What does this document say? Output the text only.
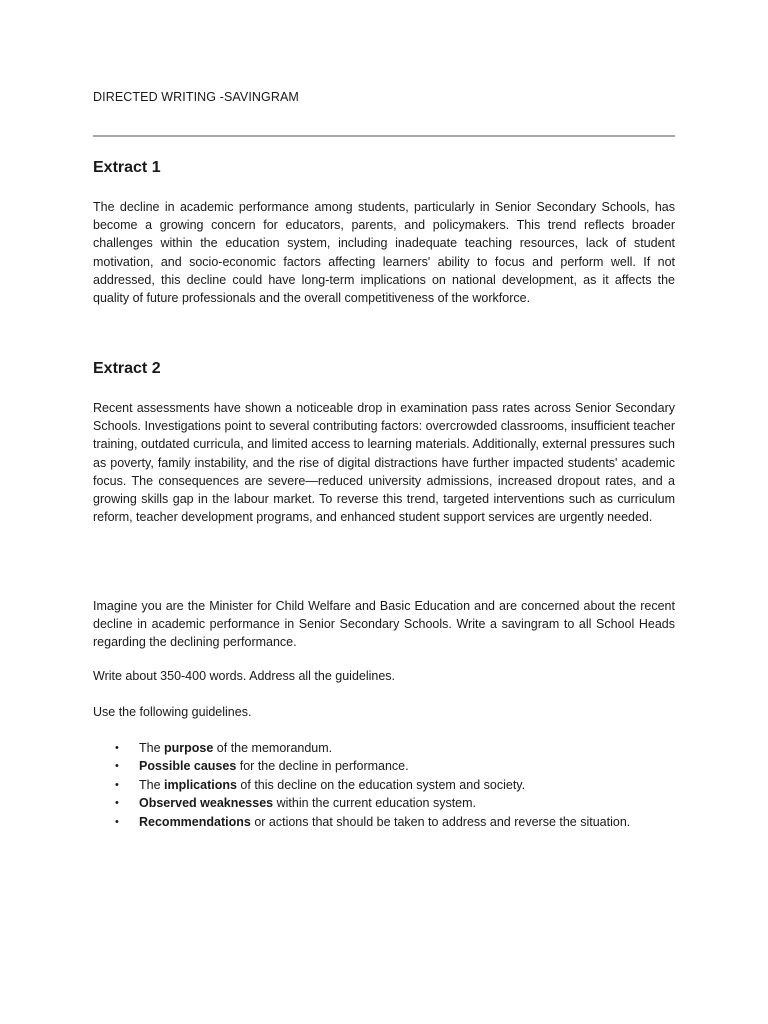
DIRECTED WRITING -SAVINGRAM
Extract 1

The decline in academic performance among students, particularly in Senior Secondary Schools, has become a growing concern for educators, parents, and policymakers. This trend reflects broader challenges within the education system, including inadequate teaching resources, lack of student motivation, and socio-economic factors affecting learners' ability to focus and perform well. If not addressed, this decline could have long-term implications on national development, as it affects the quality of future professionals and the overall competitiveness of the workforce.

Extract 2

Recent assessments have shown a noticeable drop in examination pass rates across Senior Secondary Schools. Investigations point to several contributing factors: overcrowded classrooms, insufficient teacher training, outdated curricula, and limited access to learning materials. Additionally, external pressures such as poverty, family instability, and the rise of digital distractions have further impacted students' academic focus. The consequences are severe—reduced university admissions, increased dropout rates, and a growing skills gap in the labour market. To reverse this trend, targeted interventions such as curriculum reform, teacher development programs, and enhanced student support services are urgently needed.

Imagine you are the Minister for Child Welfare and Basic Education and are concerned about the recent decline in academic performance in Senior Secondary Schools. Write a savingram to all School Heads regarding the declining performance.

Write about 350-400 words. Address all the guidelines.

Use the following guidelines.

• The purpose of the memorandum.
• Possible causes for the decline in performance.
• The implications of this decline on the education system and society.
• Observed weaknesses within the current education system.
• Recommendations or actions that should be taken to address and reverse the situation.
